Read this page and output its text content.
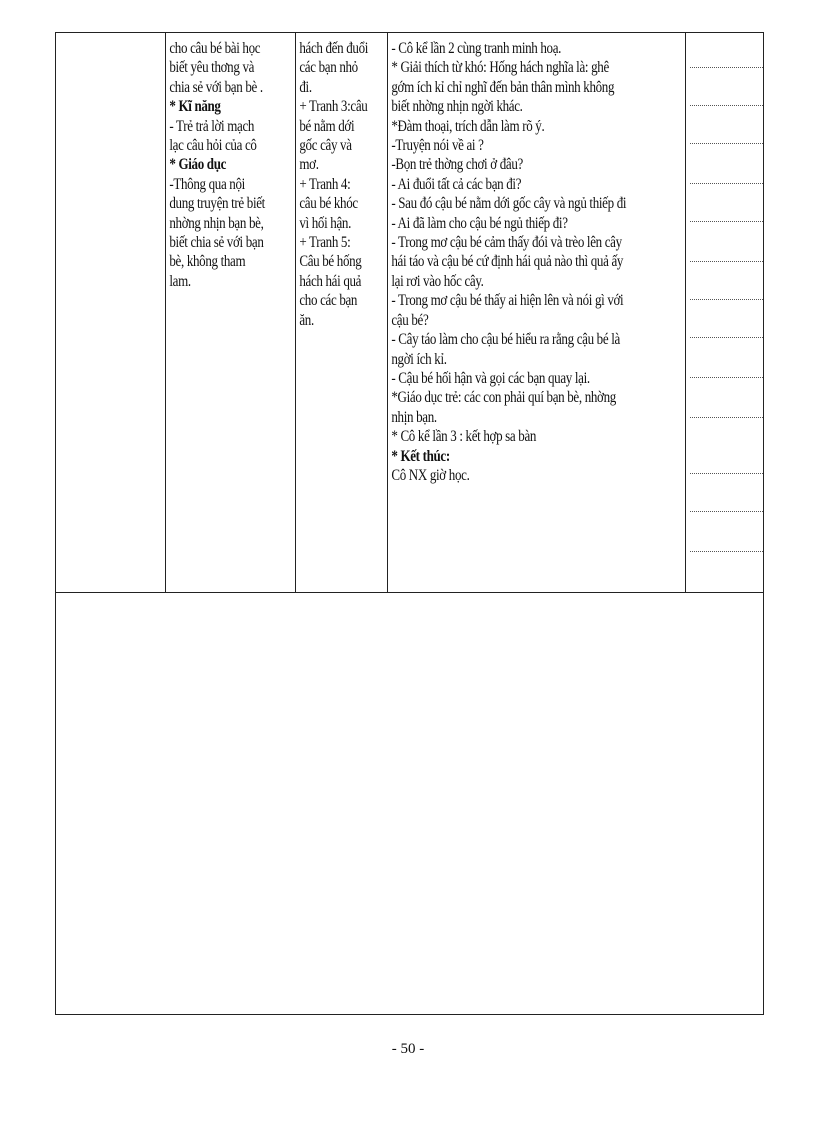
cho câu bé bài học
biết yêu thơng và
chia sẻ với bạn bè .
* Kĩ năng
- Trẻ trả lời mạch
lạc câu hỏi của cô
* Giáo dục
-Thông qua nội
dung truyện trẻ biết
nhờng nhịn bạn bè,
biết chia sẻ với bạn
bè, không tham
lam.
hách đến đuổi
các bạn nhỏ
đi.
+ Tranh 3:câu
bé nằm dới
gốc cây và
mơ.
+ Tranh 4:
câu bé khóc
vì hối hận.
+ Tranh 5:
Câu bé hống
hách hái quả
cho các bạn
ăn.
- Cô kể lần 2 cùng tranh minh hoạ.
* Giải thích từ khó: Hống hách nghĩa là: ghê
gớm ích kỉ chỉ nghĩ đến bản thân mình không
biết nhờng nhịn ngời khác.
*Đàm thoại, trích dẫn làm rõ ý.
-Truyện nói về ai ?
-Bọn trẻ thờng chơi ở đâu?
- Ai đuổi tất cả các bạn đi?
- Sau đó cậu bé nằm dới gốc cây và ngủ thiếp đi
- Ai đã làm cho cậu bé ngủ thiếp đi?
- Trong mơ cậu bé cảm thấy đói và trèo lên cây
hái táo và cậu bé cứ định hái quả nào thì quả ấy
lại rơi vào hốc cây.
- Trong mơ cậu bé thấy ai hiện lên và nói gì với
cậu bé?
- Cây táo làm cho cậu bé hiểu ra rằng cậu bé là
ngời ích kỉ.
- Cậu bé hối hận và gọi các bạn quay lại.
*Giáo dục trẻ: các con phải quí bạn bè, nhờng
nhịn bạn.
* Cô kể lần 3 : kết hợp sa bàn
* Kết thúc:
Cô NX giờ học.
- 50 -
